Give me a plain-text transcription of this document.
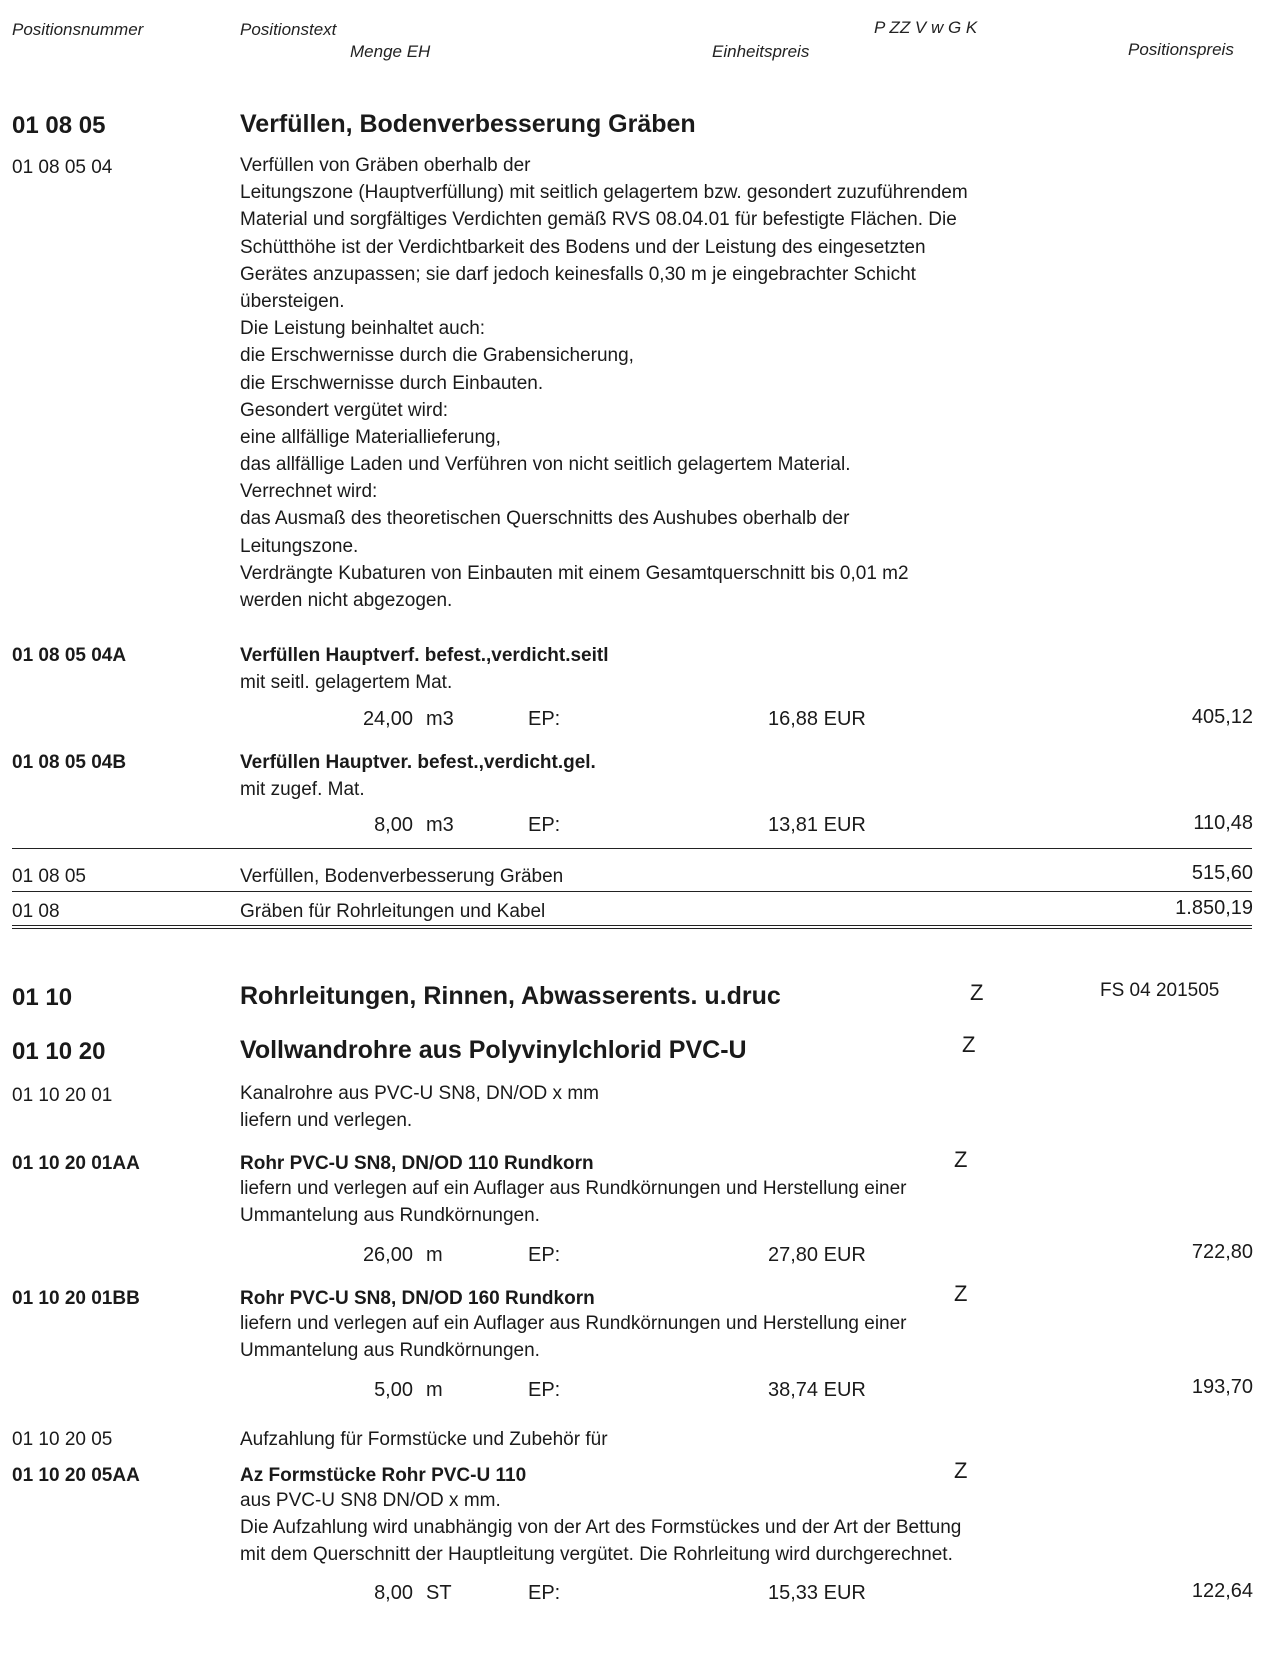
Positionsnummer	Positionstext
Menge EH	Einheitspreis
P ZZ V w G K
Positionspreis
01 08 05	Verfüllen, Bodenverbesserung Gräben
01 08 05 04	Verfüllen von Gräben oberhalb der
Leitungszone (Hauptverfüllung) mit seitlich gelagertem bzw. gesondert zuzuführendem
Material und sorgfältiges Verdichten gemäß RVS 08.04.01 für befestigte Flächen. Die
Schütthöhe ist der Verdichtbarkeit des Bodens und der Leistung des eingesetzten
Gerätes anzupassen; sie darf jedoch keinesfalls 0,30 m je eingebrachter Schicht
übersteigen.
Die Leistung beinhaltet auch:
die Erschwernisse durch die Grabensicherung,
die Erschwernisse durch Einbauten.
Gesondert vergütet wird:
eine allfällige Materiallieferung,
das allfällige Laden und Verführen von nicht seitlich gelagertem Material.
Verrechnet wird:
das Ausmaß des theoretischen Querschnitts des Aushubes oberhalb der
Leitungszone.
Verdrängte Kubaturen von Einbauten mit einem Gesamtquerschnitt bis 0,01 m2
werden nicht abgezogen.
01 08 05 04A	Verfüllen Hauptverf. befest.,verdicht.seitl
mit seitl. gelagertem Mat.
24,00 m3	EP:	16,88 EUR	405,12
01 08 05 04B	Verfüllen Hauptver. befest.,verdicht.gel.
mit zugef. Mat.
8,00 m3	EP:	13,81 EUR	110,48
01 08 05	Verfüllen, Bodenverbesserung Gräben	515,60
01 08	Gräben für Rohrleitungen und Kabel	1.850,19
01 10	Rohrleitungen, Rinnen, Abwasserents. u.druc	Z	FS 04 201505
01 10 20	Vollwandrohre aus Polyvinylchlorid PVC-U	Z
01 10 20 01	Kanalrohre aus PVC-U SN8, DN/OD x mm
liefern und verlegen.
01 10 20 01AA	Rohr PVC-U SN8, DN/OD 110 Rundkorn	Z
liefern und verlegen auf ein Auflager aus Rundkörnungen und Herstellung einer
Ummantelung aus Rundkörnungen.
26,00 m	EP:	27,80 EUR	722,80
01 10 20 01BB	Rohr PVC-U SN8, DN/OD 160 Rundkorn	Z
liefern und verlegen auf ein Auflager aus Rundkörnungen und Herstellung einer
Ummantelung aus Rundkörnungen.
5,00 m	EP:	38,74 EUR	193,70
01 10 20 05	Aufzahlung für Formstücke und Zubehör für
01 10 20 05AA	Az Formstücke Rohr PVC-U 110	Z
aus PVC-U SN8 DN/OD x mm.
Die Aufzahlung wird unabhängig von der Art des Formstückes und der Art der Bettung
mit dem Querschnitt der Hauptleitung vergütet. Die Rohrleitung wird durchgerechnet.
8,00 ST	EP:	15,33 EUR	122,64
